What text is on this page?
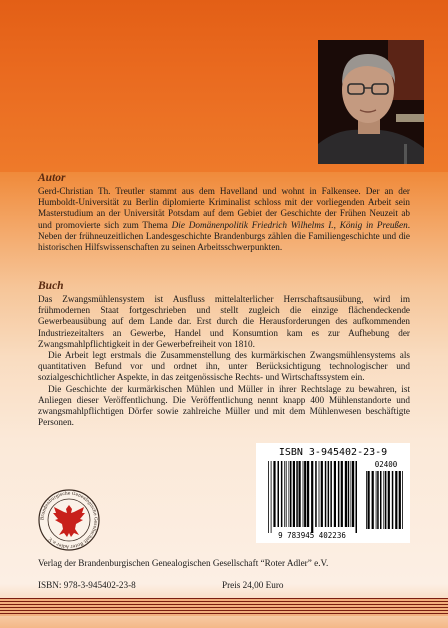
Autor

Gerd-Christian Th. Treutler stammt aus dem Havelland und wohnt in Falkensee. Der an der Humboldt-Universität zu Berlin diplomierte Kriminalist schloss mit der vorliegenden Arbeit sein Masterstudium an der Universität Potsdam auf dem Gebiet der Geschichte der Frühen Neuzeit ab und promovierte sich zum Thema Die Domänenpolitik Friedrich Wilhelms I., König in Preußen. Neben der frühneuzeitlichen Landesgeschichte Brandenburgs zählen die Familiengeschichte und die historischen Hilfswissenschaften zu seinen Arbeitsschwerpunkten.

Buch

Das Zwangsmühlensystem ist Ausfluss mittelalterlicher Herrschaftsausübung, wird im frühmodernen Staat fortgeschrieben und stellt zugleich die einzige flächendeckende Gewerbeausübung auf dem Lande dar. Erst durch die Herausforderungen des aufkommenden Industriezeitalters an Gewerbe, Handel und Konsumtion kam es zur Aufhebung der Zwangsmahlpflichtigkeit in der Gewerbefreiheit von 1810.

Die Arbeit legt erstmals die Zusammenstellung des kurmärkischen Zwangsmühlensystems als quantitativen Befund vor und ordnet ihn, unter Berücksichtigung technologischer und sozialgeschichtlicher Aspekte, in das zeitgenössische Rechts- und Wirtschaftssystem ein.

Die Geschichte der kurmärkischen Mühlen und Müller in ihrer Rechtslage zu bewahren, ist Anliegen dieser Veröffentlichung. Die Veröffentlichung nennt knapp 400 Mühlenstandorte und zwangsmahlpflichtigen Dörfer sowie zahlreiche Müller und mit dem Mühlenwesen beschäftigte Personen.

ISBN 3-945402-23-9
9 783945 402236
02400
Brandenburgische Genealogische Gesellschaft Roter Adler e.V.
Verlag der Brandenburgischen Genealogischen Gesellschaft “Roter Adler” e.V.
ISBN: 978-3-945402-23-8	Preis 24,00 Euro
